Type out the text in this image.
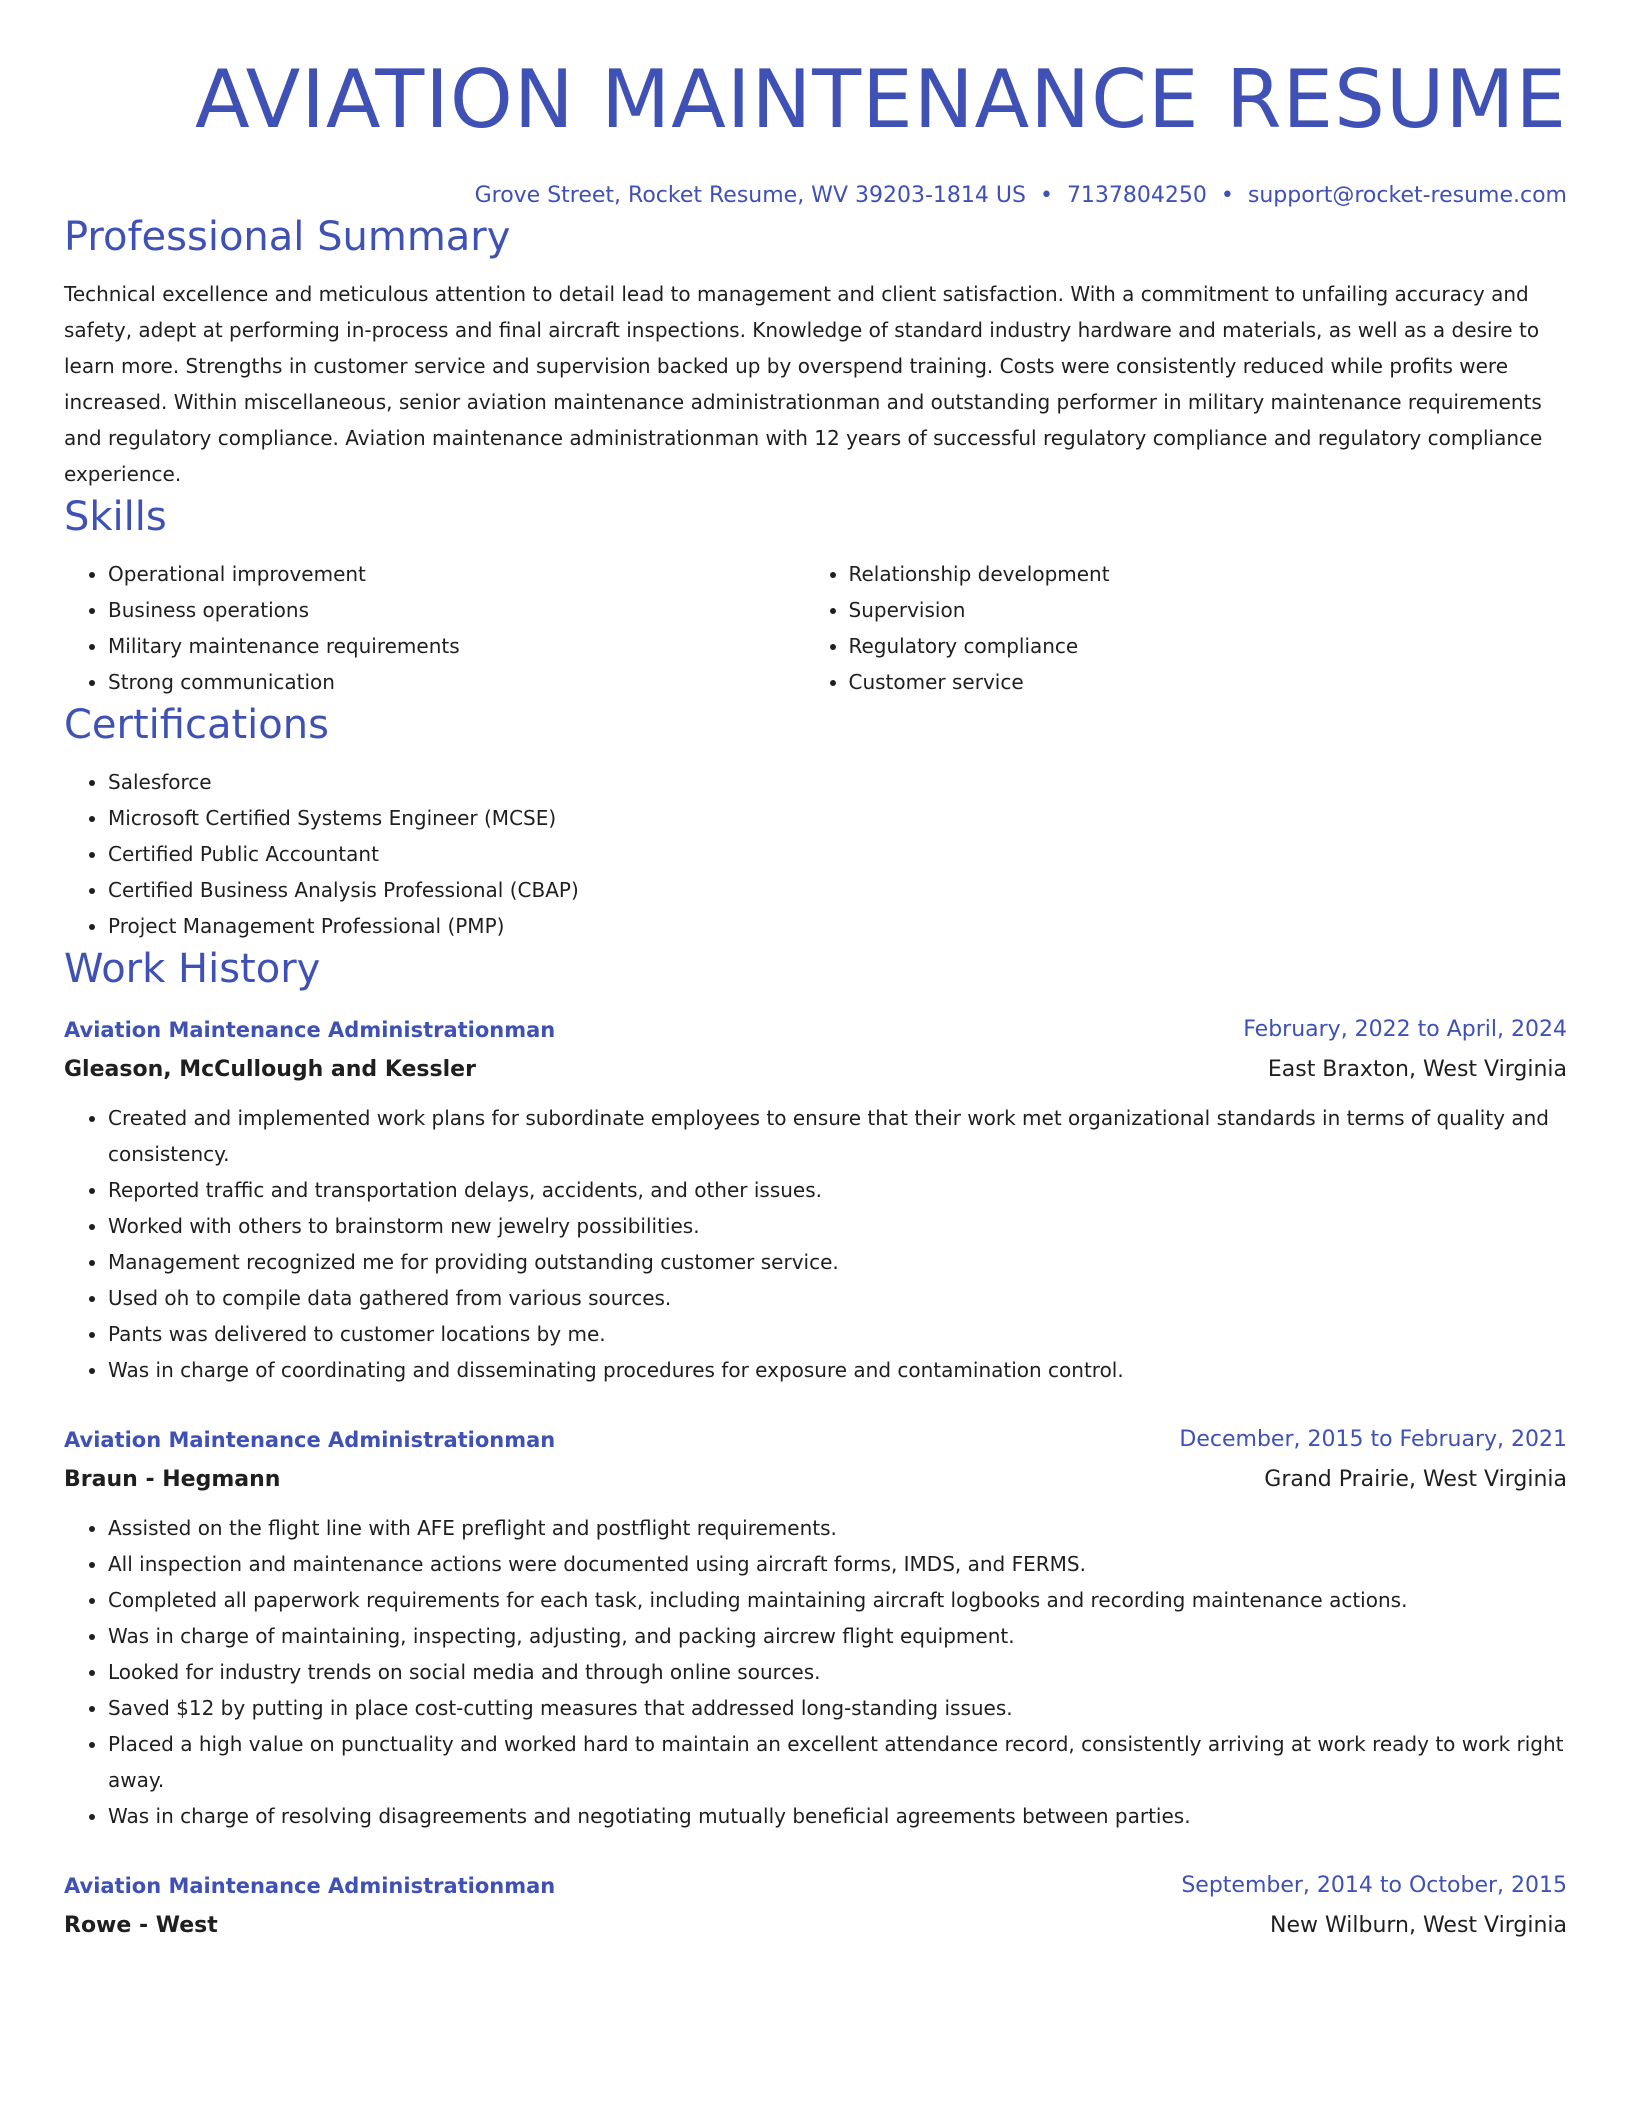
AVIATION MAINTENANCE RESUME
Grove Street, Rocket Resume, WV 39203-1814 US • 7137804250 • support@rocket-resume.com
Professional Summary

Technical excellence and meticulous attention to detail lead to management and client satisfaction. With a commitment to unfailing accuracy and safety, adept at performing in-process and final aircraft inspections. Knowledge of standard industry hardware and materials, as well as a desire to learn more. Strengths in customer service and supervision backed up by overspend training. Costs were consistently reduced while profits were increased. Within miscellaneous, senior aviation maintenance administrationman and outstanding performer in military maintenance requirements and regulatory compliance. Aviation maintenance administrationman with 12 years of successful regulatory compliance and regulatory compliance experience.

Skills
• Operational improvement
• Business operations
• Military maintenance requirements
• Strong communication
• Relationship development
• Supervision
• Regulatory compliance
• Customer service
Certifications
• Salesforce
• Microsoft Certified Systems Engineer (MCSE)
• Certified Public Accountant
• Certified Business Analysis Professional (CBAP)
• Project Management Professional (PMP)
Work History
Aviation Maintenance Administrationman	February, 2022 to April, 2024
Gleason, McCullough and Kessler	East Braxton, West Virginia
• Created and implemented work plans for subordinate employees to ensure that their work met organizational standards in terms of quality and consistency.
• Reported traffic and transportation delays, accidents, and other issues.
• Worked with others to brainstorm new jewelry possibilities.
• Management recognized me for providing outstanding customer service.
• Used oh to compile data gathered from various sources.
• Pants was delivered to customer locations by me.
• Was in charge of coordinating and disseminating procedures for exposure and contamination control.
Aviation Maintenance Administrationman	December, 2015 to February, 2021
Braun - Hegmann	Grand Prairie, West Virginia
• Assisted on the flight line with AFE preflight and postflight requirements.
• All inspection and maintenance actions were documented using aircraft forms, IMDS, and FERMS.
• Completed all paperwork requirements for each task, including maintaining aircraft logbooks and recording maintenance actions.
• Was in charge of maintaining, inspecting, adjusting, and packing aircrew flight equipment.
• Looked for industry trends on social media and through online sources.
• Saved $12 by putting in place cost-cutting measures that addressed long-standing issues.
• Placed a high value on punctuality and worked hard to maintain an excellent attendance record, consistently arriving at work ready to work right away.
• Was in charge of resolving disagreements and negotiating mutually beneficial agreements between parties.
Aviation Maintenance Administrationman	September, 2014 to October, 2015
Rowe - West	New Wilburn, West Virginia
